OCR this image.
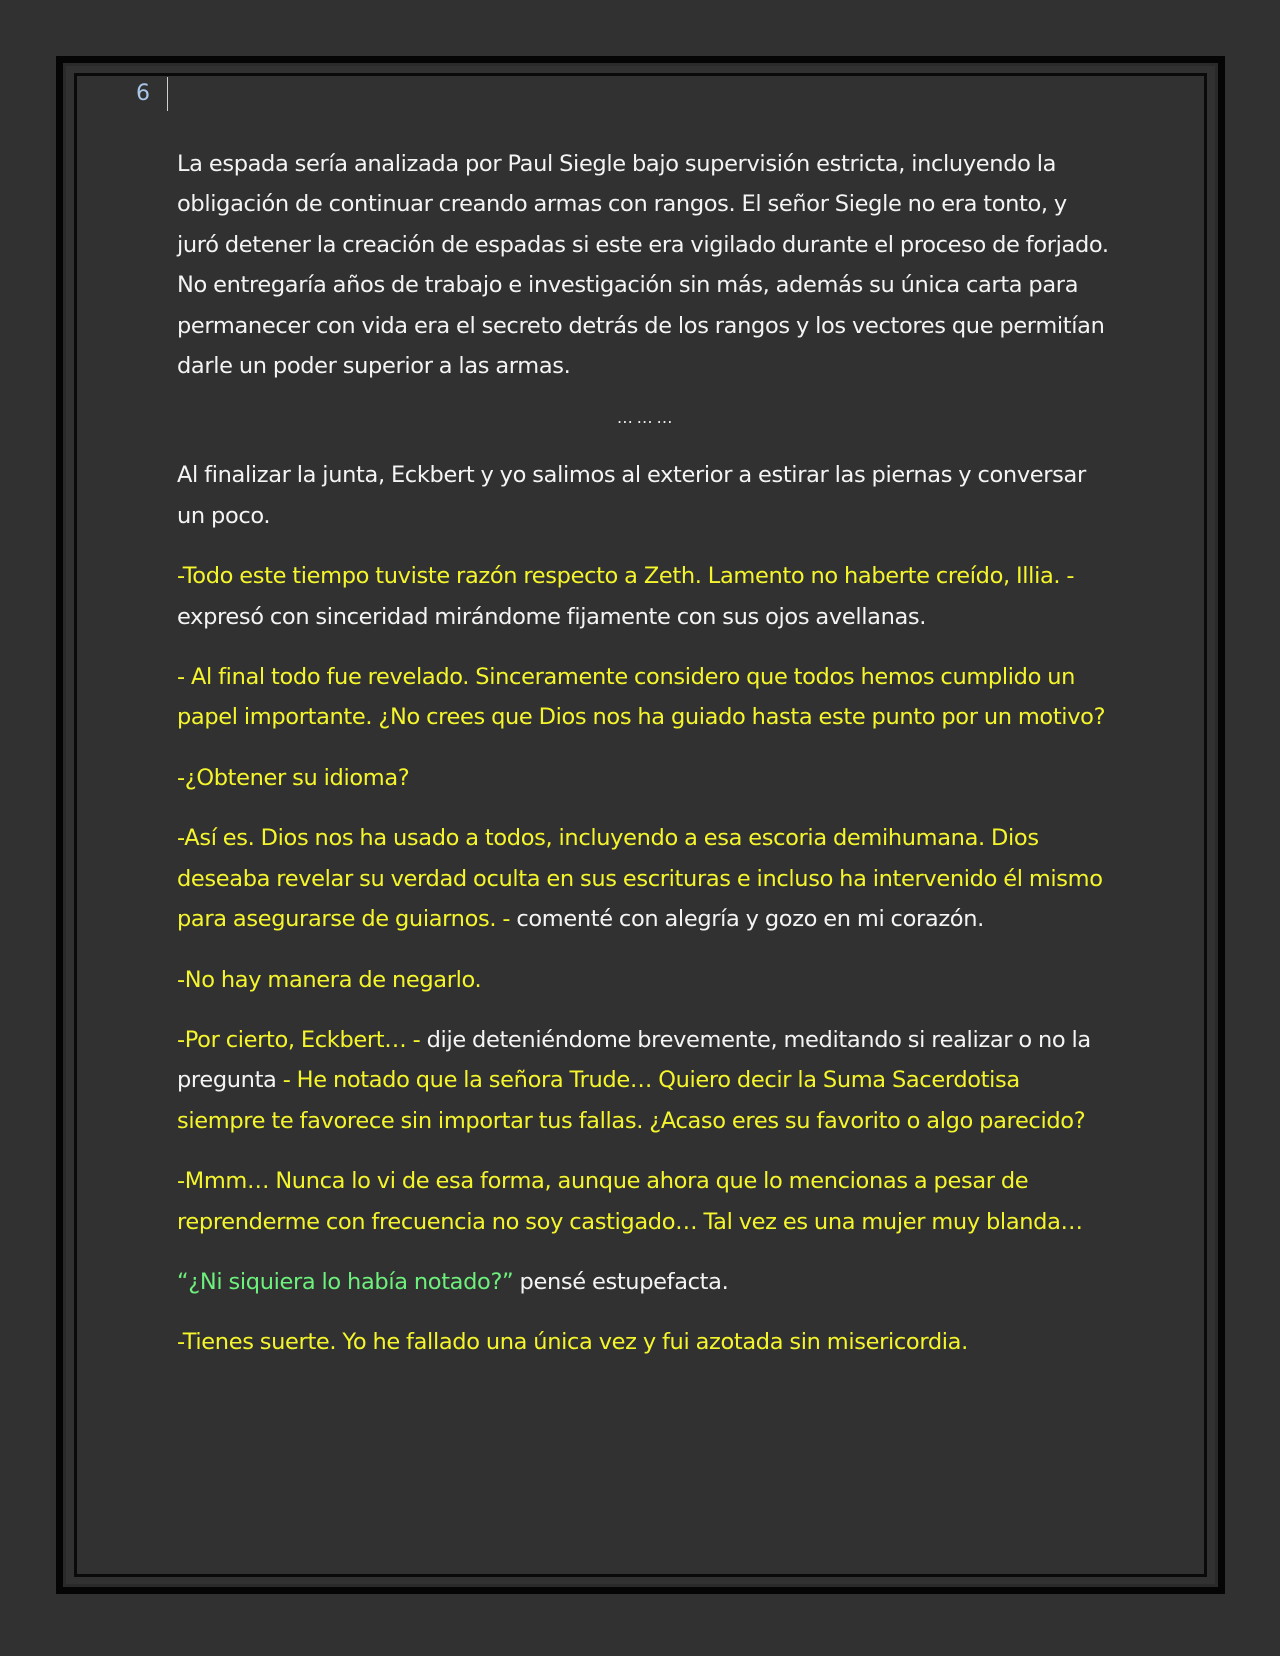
6

La espada sería analizada por Paul Siegle bajo supervisión estricta, incluyendo la obligación de continuar creando armas con rangos. El señor Siegle no era tonto, y juró detener la creación de espadas si este era vigilado durante el proceso de forjado. No entregaría años de trabajo e investigación sin más, además su única carta para permanecer con vida era el secreto detrás de los rangos y los vectores que permitían darle un poder superior a las armas.

… … …

Al finalizar la junta, Eckbert y yo salimos al exterior a estirar las piernas y conversar un poco.

-Todo este tiempo tuviste razón respecto a Zeth. Lamento no haberte creído, Illia. - expresó con sinceridad mirándome fijamente con sus ojos avellanas.

- Al final todo fue revelado. Sinceramente considero que todos hemos cumplido un papel importante. ¿No crees que Dios nos ha guiado hasta este punto por un motivo?

-¿Obtener su idioma?

-Así es. Dios nos ha usado a todos, incluyendo a esa escoria demihumana. Dios deseaba revelar su verdad oculta en sus escrituras e incluso ha intervenido él mismo para asegurarse de guiarnos. - comenté con alegría y gozo en mi corazón.

-No hay manera de negarlo.

-Por cierto, Eckbert… - dije deteniéndome brevemente, meditando si realizar o no la pregunta - He notado que la señora Trude… Quiero decir la Suma Sacerdotisa siempre te favorece sin importar tus fallas. ¿Acaso eres su favorito o algo parecido?

-Mmm… Nunca lo vi de esa forma, aunque ahora que lo mencionas a pesar de reprenderme con frecuencia no soy castigado… Tal vez es una mujer muy blanda…

“¿Ni siquiera lo había notado?” pensé estupefacta.

-Tienes suerte. Yo he fallado una única vez y fui azotada sin misericordia.
